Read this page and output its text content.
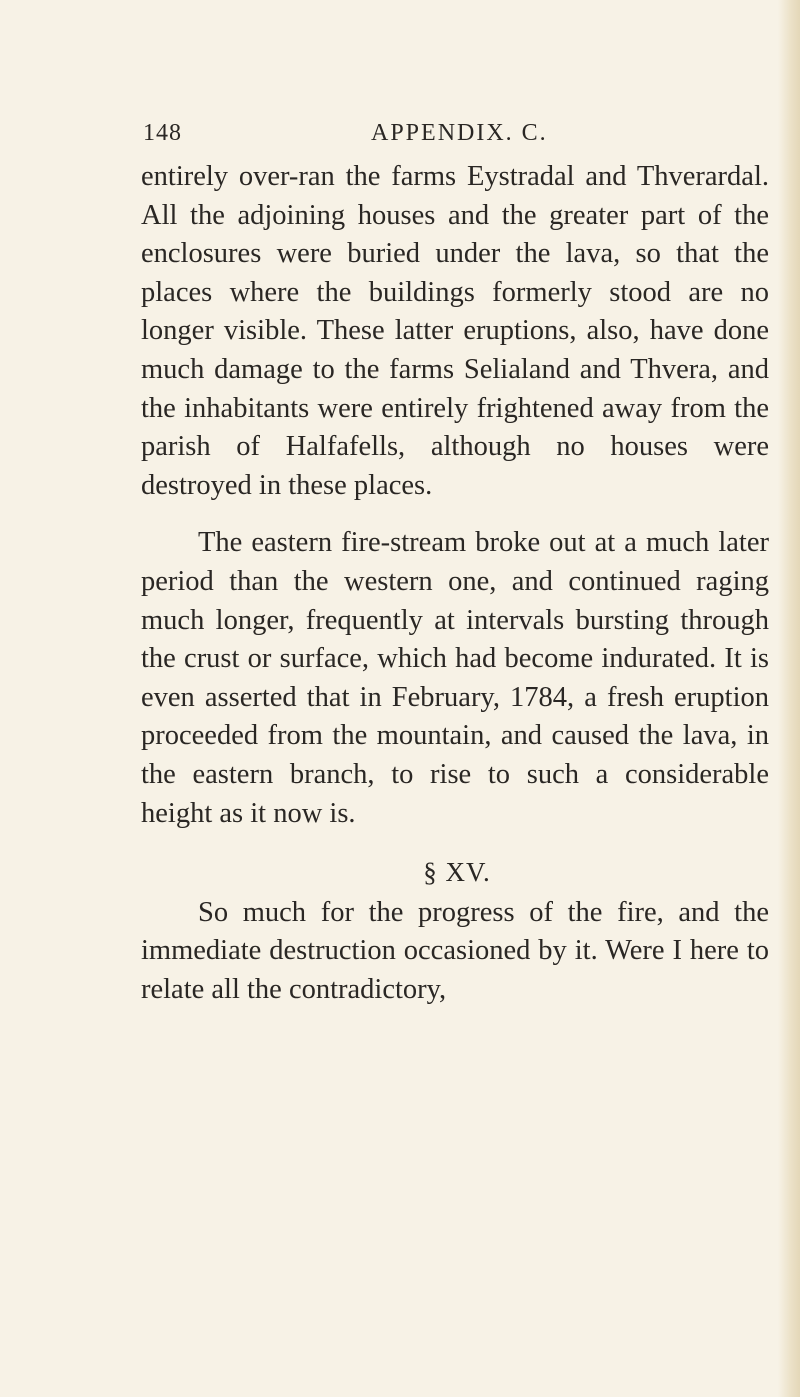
148	APPENDIX. C.

entirely over-ran the farms Eystradal and Thverardal. All the adjoining houses and the greater part of the enclosures were buried under the lava, so that the places where the buildings formerly stood are no longer visible. These latter eruptions, also, have done much damage to the farms Selialand and Thvera, and the inhabitants were entirely frightened away from the parish of Halfafells, although no houses were destroyed in these places.

The eastern fire-stream broke out at a much later period than the western one, and continued raging much longer, frequently at intervals bursting through the crust or surface, which had become indurated. It is even asserted that in February, 1784, a fresh eruption proceeded from the mountain, and caused the lava, in the eastern branch, to rise to such a considerable height as it now is.

§ XV.

So much for the progress of the fire, and the immediate destruction occasioned by it. Were I here to relate all the contradictory,
